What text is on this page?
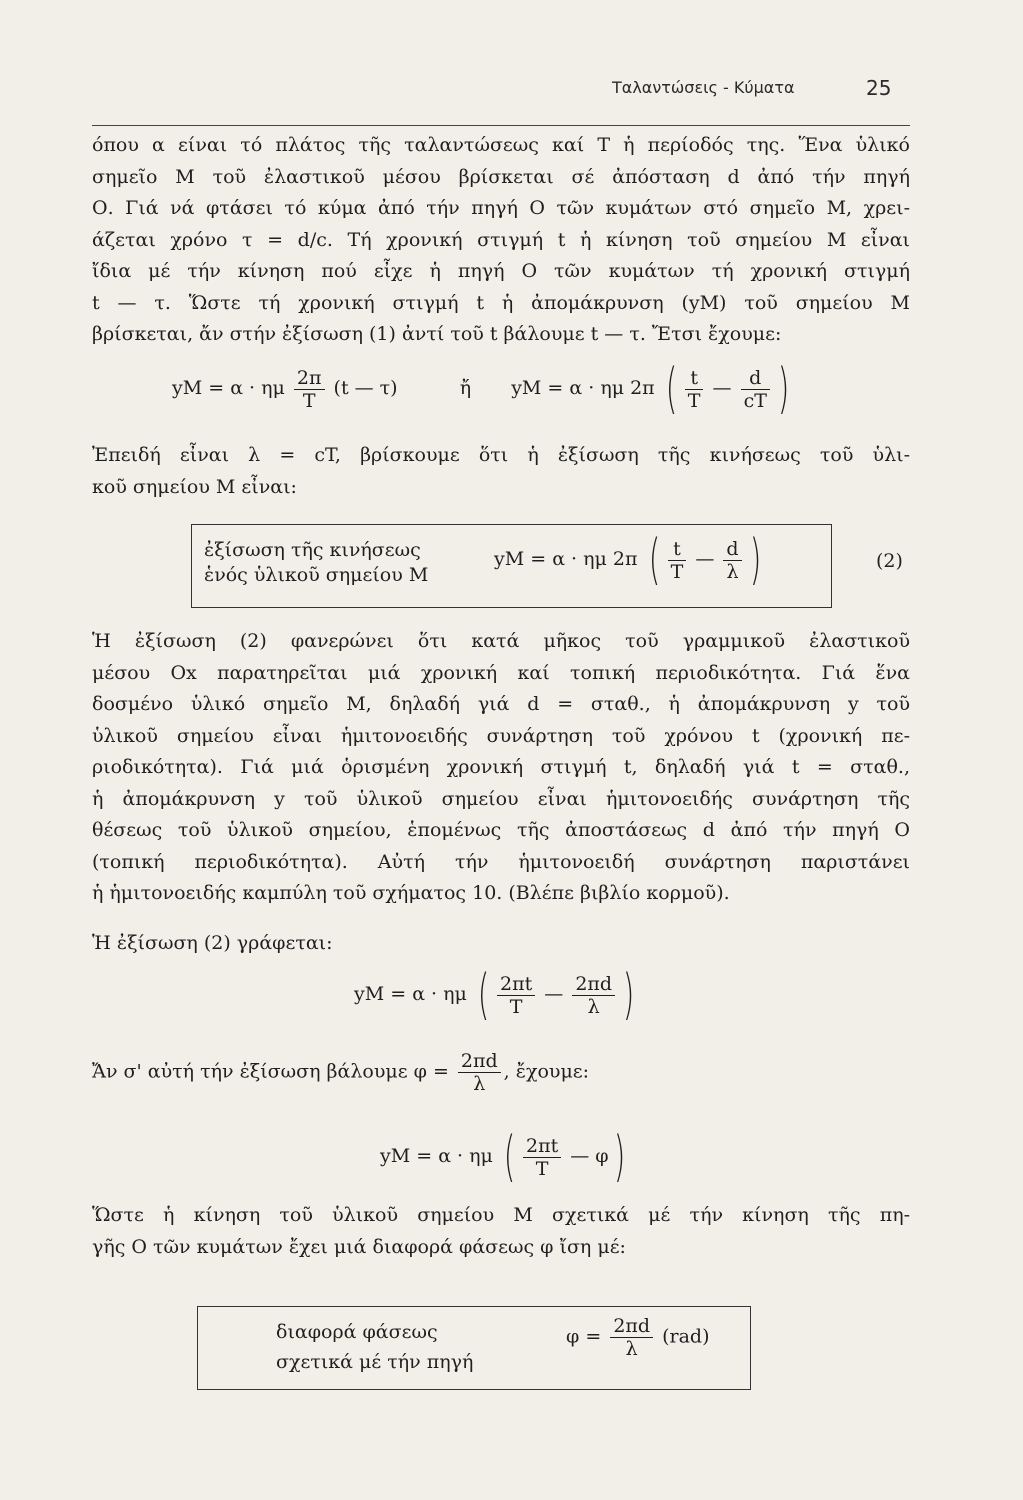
Ταλαντώσεις - Κύματα	25
όπου α είναι τό πλάτος τῆς ταλαντώσεως καί Τ ἡ περίοδός της. Ἕνα ὑλικό
σημεῖο Μ τοῦ ἐλαστικοῦ μέσου βρίσκεται σέ ἀπόσταση d ἀπό τήν πηγή
Ο. Γιά νά φτάσει τό κύμα ἀπό τήν πηγή Ο τῶν κυμάτων στό σημεῖο Μ, χρει-
άζεται χρόνο τ = d/c. Τή χρονική στιγμή t ἡ κίνηση τοῦ σημείου Μ εἶναι
ἴδια μέ τήν κίνηση πού εἶχε ἡ πηγή Ο τῶν κυμάτων τή χρονική στιγμή
t — τ. Ὥστε τή χρονική στιγμή t ἡ ἀπομάκρυνση (yΜ) τοῦ σημείου Μ
βρίσκεται, ἄν στήν ἐξίσωση (1) ἀντί τοῦ t βάλουμε t — τ. Ἔτσι ἔχουμε:
yΜ = α · ημ $\frac{2\pi}{T} (t$ — τ)	ἤ yΜ = α · ημ 2π ( $\frac{t}{T}$ — $\frac{d}{cT}$ )
Ἐπειδή εἶναι λ = cT, βρίσκουμε ὅτι ἡ ἐξίσωση τῆς κινήσεως τοῦ ὑλι-
κοῦ σημείου Μ εἶναι:
ἐξίσωση τῆς κινήσεως
ἑνός ὑλικοῦ σημείου Μ
yΜ = α · ημ 2π ( $\frac{t}{T}$ — $\frac{d}{\lambda}$ )	(2)
Ἡ ἐξίσωση (2) φανερώνει ὅτι κατά μῆκος τοῦ γραμμικοῦ ἐλαστικοῦ
μέσου Οx παρατηρεῖται μιά χρονική καί τοπική περιοδικότητα. Γιά ἕνα
δοσμένο ὑλικό σημεῖο Μ, δηλαδή γιά d = σταθ., ἡ ἀπομάκρυνση y τοῦ
ὑλικοῦ σημείου εἶναι ἡμιτονοειδής συνάρτηση τοῦ χρόνου t (χρονική πε-
ριοδικότητα). Γιά μιά ὁρισμένη χρονική στιγμή t, δηλαδή γιά t = σταθ.,
ἡ ἀπομάκρυνση y τοῦ ὑλικοῦ σημείου εἶναι ἡμιτονοειδής συνάρτηση τῆς
θέσεως τοῦ ὑλικοῦ σημείου, ἑπομένως τῆς ἀποστάσεως d ἀπό τήν πηγή Ο
(τοπική περιοδικότητα). Αὐτή τήν ἡμιτονοειδή συνάρτηση παριστάνει
ἡ ἡμιτονοειδής καμπύλη τοῦ σχήματος 10. (Βλέπε βιβλίο κορμοῦ).
Ἡ ἐξίσωση (2) γράφεται:
yΜ = α · ημ ( $\frac{2\pi t}{T}$ — $\frac{2\pi d}{\lambda}$ )
Ἄν σ' αὐτή τήν ἐξίσωση βάλουμε $\varphi = \frac{2\pi d}{\lambda}$ , ἔχουμε:
yΜ = α · ημ ( $\frac{2\pi t}{T}$ — φ)
Ὥστε ἡ κίνηση τοῦ ὑλικοῦ σημείου Μ σχετικά μέ τήν κίνηση τῆς πη-
γῆς Ο τῶν κυμάτων ἔχει μιά διαφορά φάσεως φ ἴση μέ:
διαφορά φάσεως
σχετικά μέ τήν πηγή
$\varphi = \frac{2\pi d}{\lambda} (rad)$
